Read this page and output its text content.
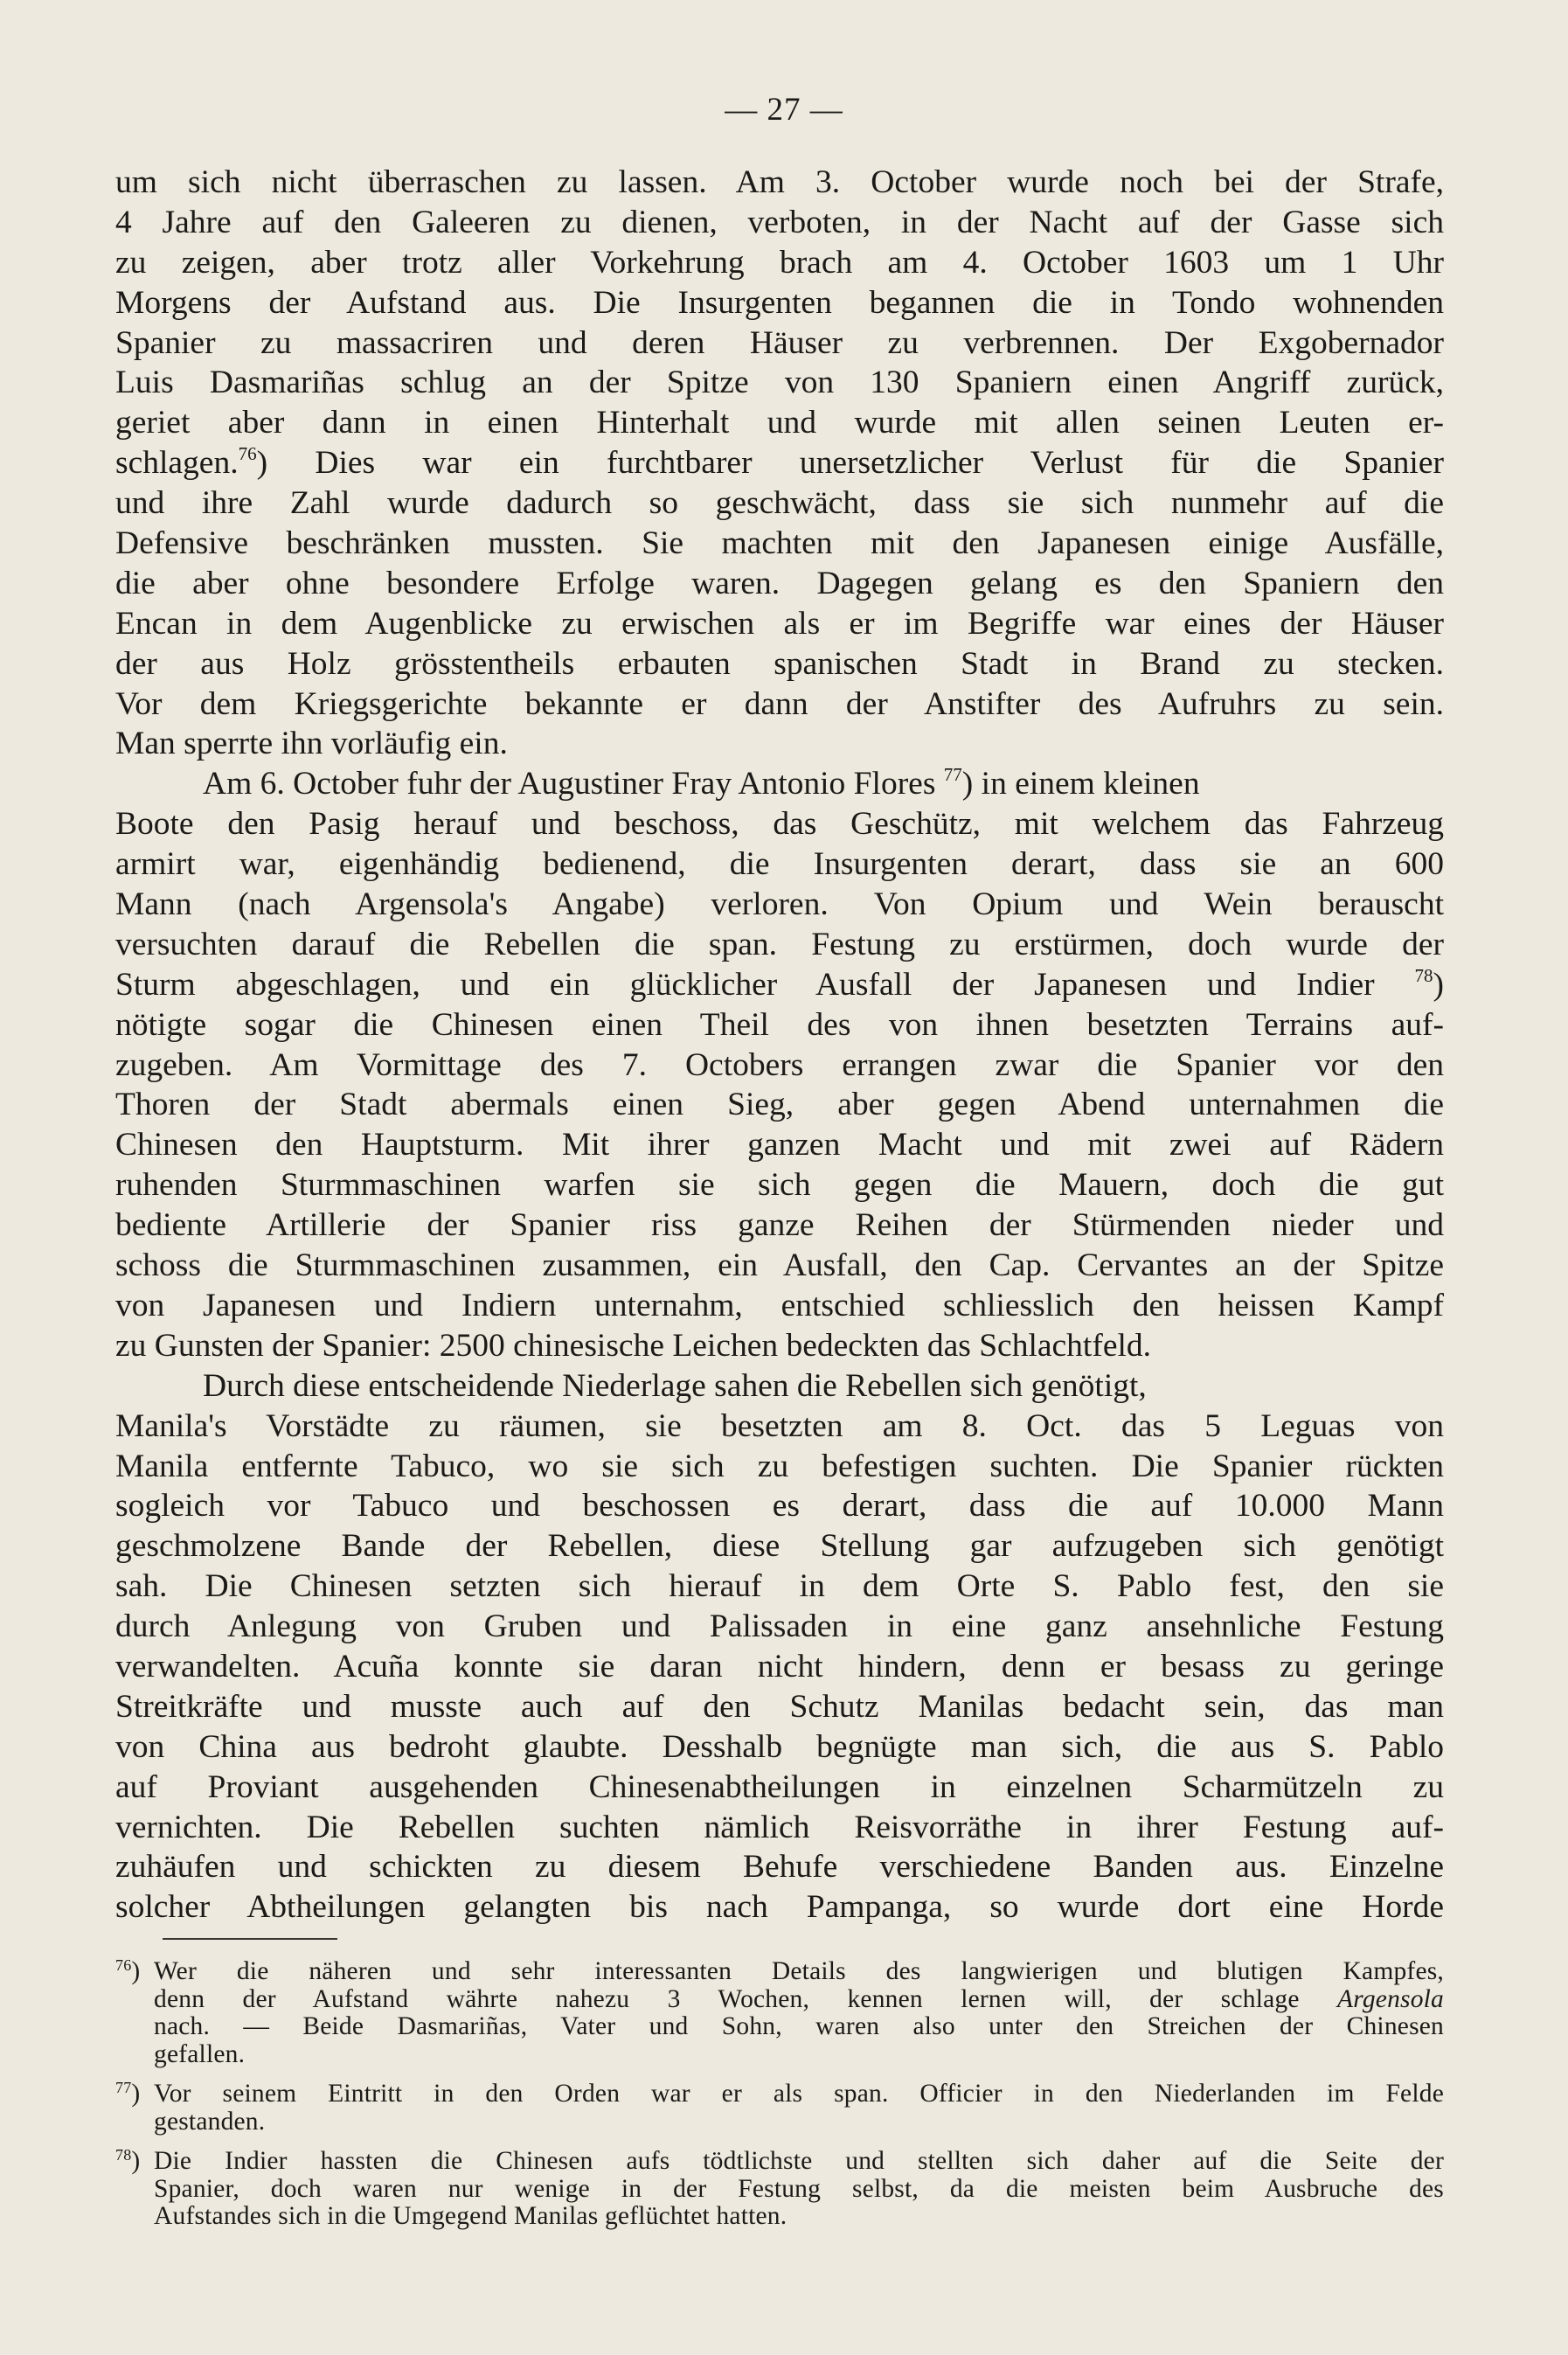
— 27 —
um sich nicht überraschen zu lassen. Am 3. October wurde noch bei der Strafe,
4 Jahre auf den Galeeren zu dienen, verboten, in der Nacht auf der Gasse sich
zu zeigen, aber trotz aller Vorkehrung brach am 4. October 1603 um 1 Uhr
Morgens der Aufstand aus. Die Insurgenten begannen die in Tondo wohnenden
Spanier zu massacriren und deren Häuser zu verbrennen. Der Exgobernador
Luis Dasmariñas schlug an der Spitze von 130 Spaniern einen Angriff zurück,
geriet aber dann in einen Hinterhalt und wurde mit allen seinen Leuten er-
schlagen.$^{76}$) Dies war ein furchtbarer unersetzlicher Verlust für die Spanier
und ihre Zahl wurde dadurch so geschwächt, dass sie sich nunmehr auf die
Defensive beschränken mussten. Sie machten mit den Japanesen einige Ausfälle,
die aber ohne besondere Erfolge waren. Dagegen gelang es den Spaniern den
Encan in dem Augenblicke zu erwischen als er im Begriffe war eines der Häuser
der aus Holz grösstentheils erbauten spanischen Stadt in Brand zu stecken.
Vor dem Kriegsgerichte bekannte er dann der Anstifter des Aufruhrs zu sein.
Man sperrte ihn vorläufig ein.
Am 6. October fuhr der Augustiner Fray Antonio Flores $^{77}$) in einem kleinen
Boote den Pasig herauf und beschoss, das Geschütz, mit welchem das Fahrzeug
armirt war, eigenhändig bedienend, die Insurgenten derart, dass sie an 600
Mann (nach Argensola's Angabe) verloren. Von Opium und Wein berauscht
versuchten darauf die Rebellen die span. Festung zu erstürmen, doch wurde der
Sturm abgeschlagen, und ein glücklicher Ausfall der Japanesen und Indier $^{78}$)
nötigte sogar die Chinesen einen Theil des von ihnen besetzten Terrains auf-
zugeben. Am Vormittage des 7. Octobers errangen zwar die Spanier vor den
Thoren der Stadt abermals einen Sieg, aber gegen Abend unternahmen die
Chinesen den Hauptsturm. Mit ihrer ganzen Macht und mit zwei auf Rädern
ruhenden Sturmmaschinen warfen sie sich gegen die Mauern, doch die gut
bediente Artillerie der Spanier riss ganze Reihen der Stürmenden nieder und
schoss die Sturmmaschinen zusammen, ein Ausfall, den Cap. Cervantes an der Spitze
von Japanesen und Indiern unternahm, entschied schliesslich den heissen Kampf
zu Gunsten der Spanier: 2500 chinesische Leichen bedeckten das Schlachtfeld.
Durch diese entscheidende Niederlage sahen die Rebellen sich genötigt,
Manila's Vorstädte zu räumen, sie besetzten am 8. Oct. das 5 Leguas von
Manila entfernte Tabuco, wo sie sich zu befestigen suchten. Die Spanier rückten
sogleich vor Tabuco und beschossen es derart, dass die auf 10.000 Mann
geschmolzene Bande der Rebellen, diese Stellung gar aufzugeben sich genötigt
sah. Die Chinesen setzten sich hierauf in dem Orte S. Pablo fest, den sie
durch Anlegung von Gruben und Palissaden in eine ganz ansehnliche Festung
verwandelten. Acuña konnte sie daran nicht hindern, denn er besass zu geringe
Streitkräfte und musste auch auf den Schutz Manilas bedacht sein, das man
von China aus bedroht glaubte. Desshalb begnügte man sich, die aus S. Pablo
auf Proviant ausgehenden Chinesenabtheilungen in einzelnen Scharmützeln zu
vernichten. Die Rebellen suchten nämlich Reisvorräthe in ihrer Festung auf-
zuhäufen und schickten zu diesem Behufe verschiedene Banden aus. Einzelne
solcher Abtheilungen gelangten bis nach Pampanga, so wurde dort eine Horde
$^{76}$) Wer die näheren und sehr interessanten Details des langwierigen und blutigen Kampfes,
denn der Aufstand währte nahezu 3 Wochen, kennen lernen will, der schlage Argensola
nach. — Beide Dasmariñas, Vater und Sohn, waren also unter den Streichen der Chinesen
gefallen.
$^{77}$) Vor seinem Eintritt in den Orden war er als span. Officier in den Niederlanden im Felde
gestanden.
$^{78}$) Die Indier hassten die Chinesen aufs tödtlichste und stellten sich daher auf die Seite der
Spanier, doch waren nur wenige in der Festung selbst, da die meisten beim Ausbruche des
Aufstandes sich in die Umgegend Manilas geflüchtet hatten.
